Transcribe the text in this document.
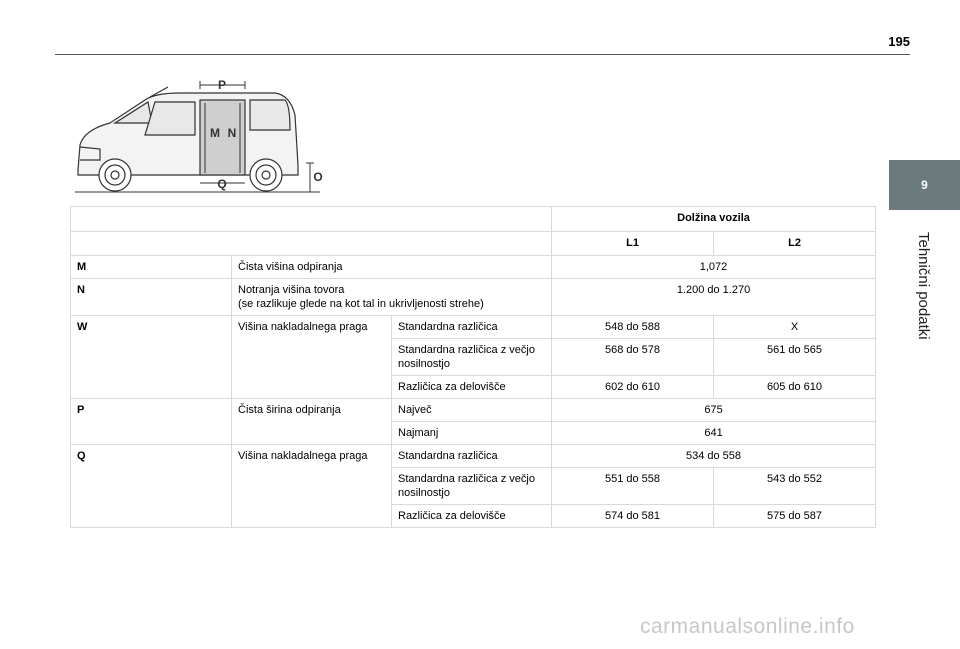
195
9
Tehnični podatki
P
M N
Q	O
			Dolžina vozila	
			L1	L2
M	Čista višina odpiranja		1,072	
N	Notranja višina tovora
(se razlikuje glede na kot tal in ukrivljenosti strehe)		1.200 do 1.270	
W	Višina nakladalnega praga	Standardna različica	548 do 588	X
		Standardna različica z večjo nosilnostjo	568 do 578	561 do 565
		Različica za delovišče	602 do 610	605 do 610
P	Čista širina odpiranja	Največ	675	
		Najmanj	641	
Q	Višina nakladalnega praga	Standardna različica	534 do 558	
		Standardna različica z večjo nosilnostjo	551 do 558	543 do 552
		Različica za delovišče	574 do 581	575 do 587
carmanualsonline.info
